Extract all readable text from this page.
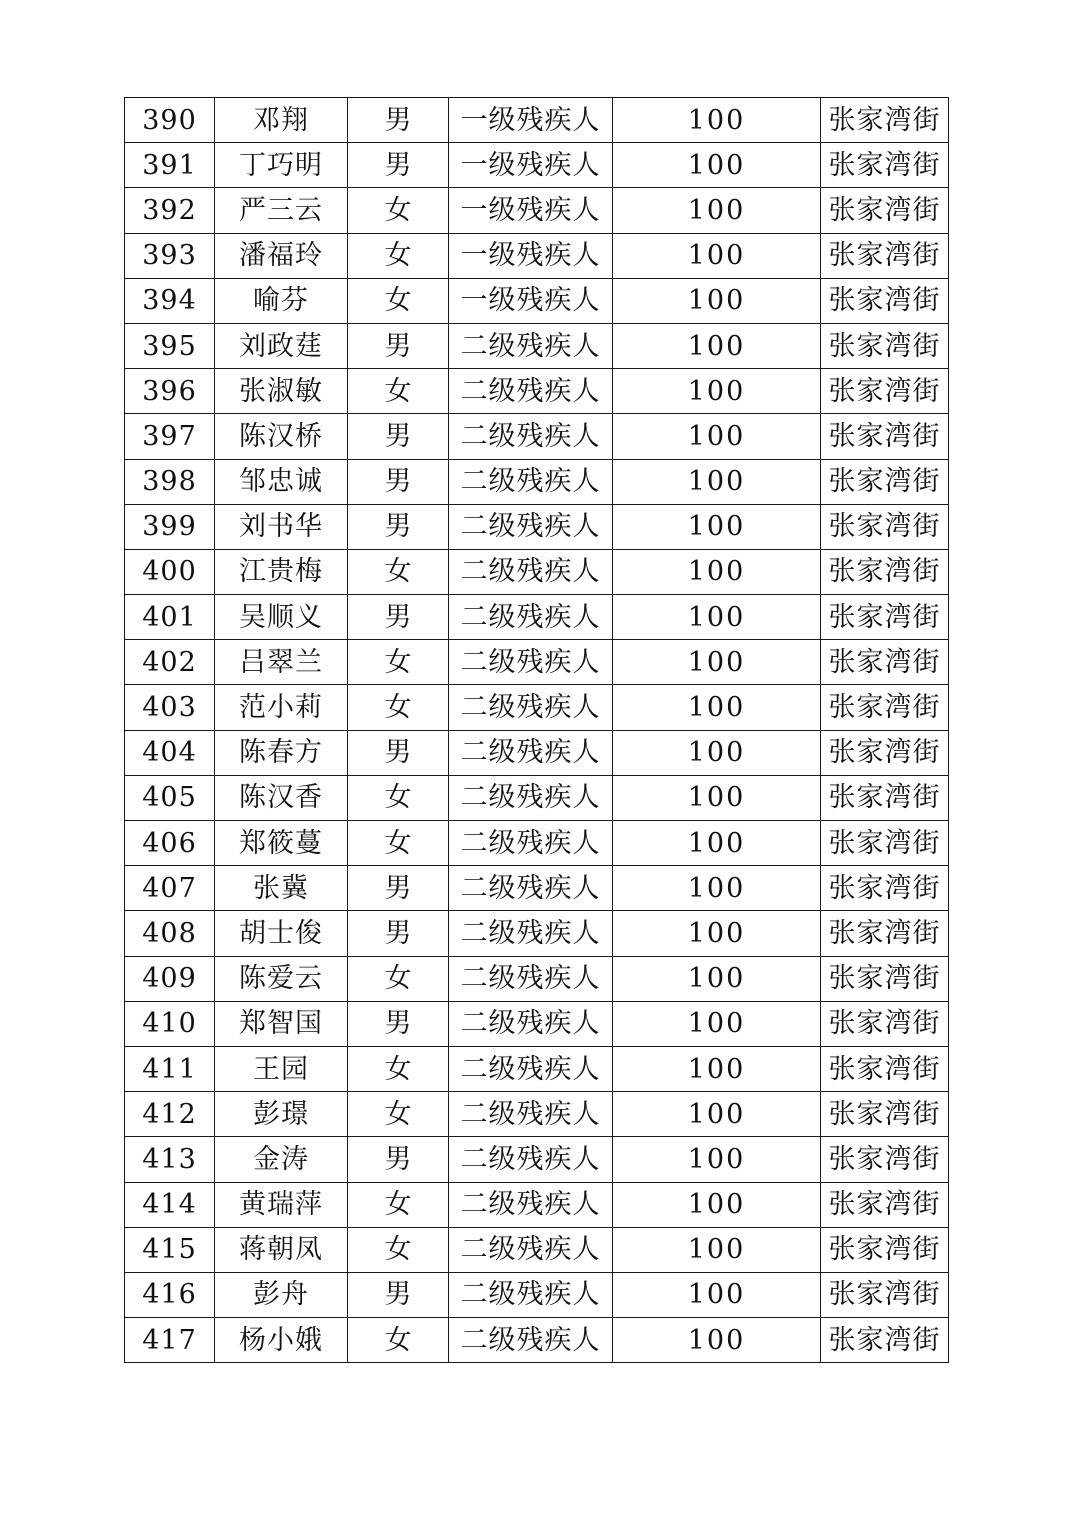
390	邓翔	男	一级残疾人	100	张家湾街
391	丁巧明	男	一级残疾人	100	张家湾街
392	严三云	女	一级残疾人	100	张家湾街
393	潘福玲	女	一级残疾人	100	张家湾街
394	喻芬	女	一级残疾人	100	张家湾街
395	刘政莛	男	二级残疾人	100	张家湾街
396	张淑敏	女	二级残疾人	100	张家湾街
397	陈汉桥	男	二级残疾人	100	张家湾街
398	邹忠诚	男	二级残疾人	100	张家湾街
399	刘书华	男	二级残疾人	100	张家湾街
400	江贵梅	女	二级残疾人	100	张家湾街
401	吴顺义	男	二级残疾人	100	张家湾街
402	吕翠兰	女	二级残疾人	100	张家湾街
403	范小莉	女	二级残疾人	100	张家湾街
404	陈春方	男	二级残疾人	100	张家湾街
405	陈汉香	女	二级残疾人	100	张家湾街
406	郑筱蔓	女	二级残疾人	100	张家湾街
407	张冀	男	二级残疾人	100	张家湾街
408	胡士俊	男	二级残疾人	100	张家湾街
409	陈爱云	女	二级残疾人	100	张家湾街
410	郑智国	男	二级残疾人	100	张家湾街
411	王园	女	二级残疾人	100	张家湾街
412	彭璟	女	二级残疾人	100	张家湾街
413	金涛	男	二级残疾人	100	张家湾街
414	黄瑞萍	女	二级残疾人	100	张家湾街
415	蒋朝凤	女	二级残疾人	100	张家湾街
416	彭舟	男	二级残疾人	100	张家湾街
417	杨小娥	女	二级残疾人	100	张家湾街
